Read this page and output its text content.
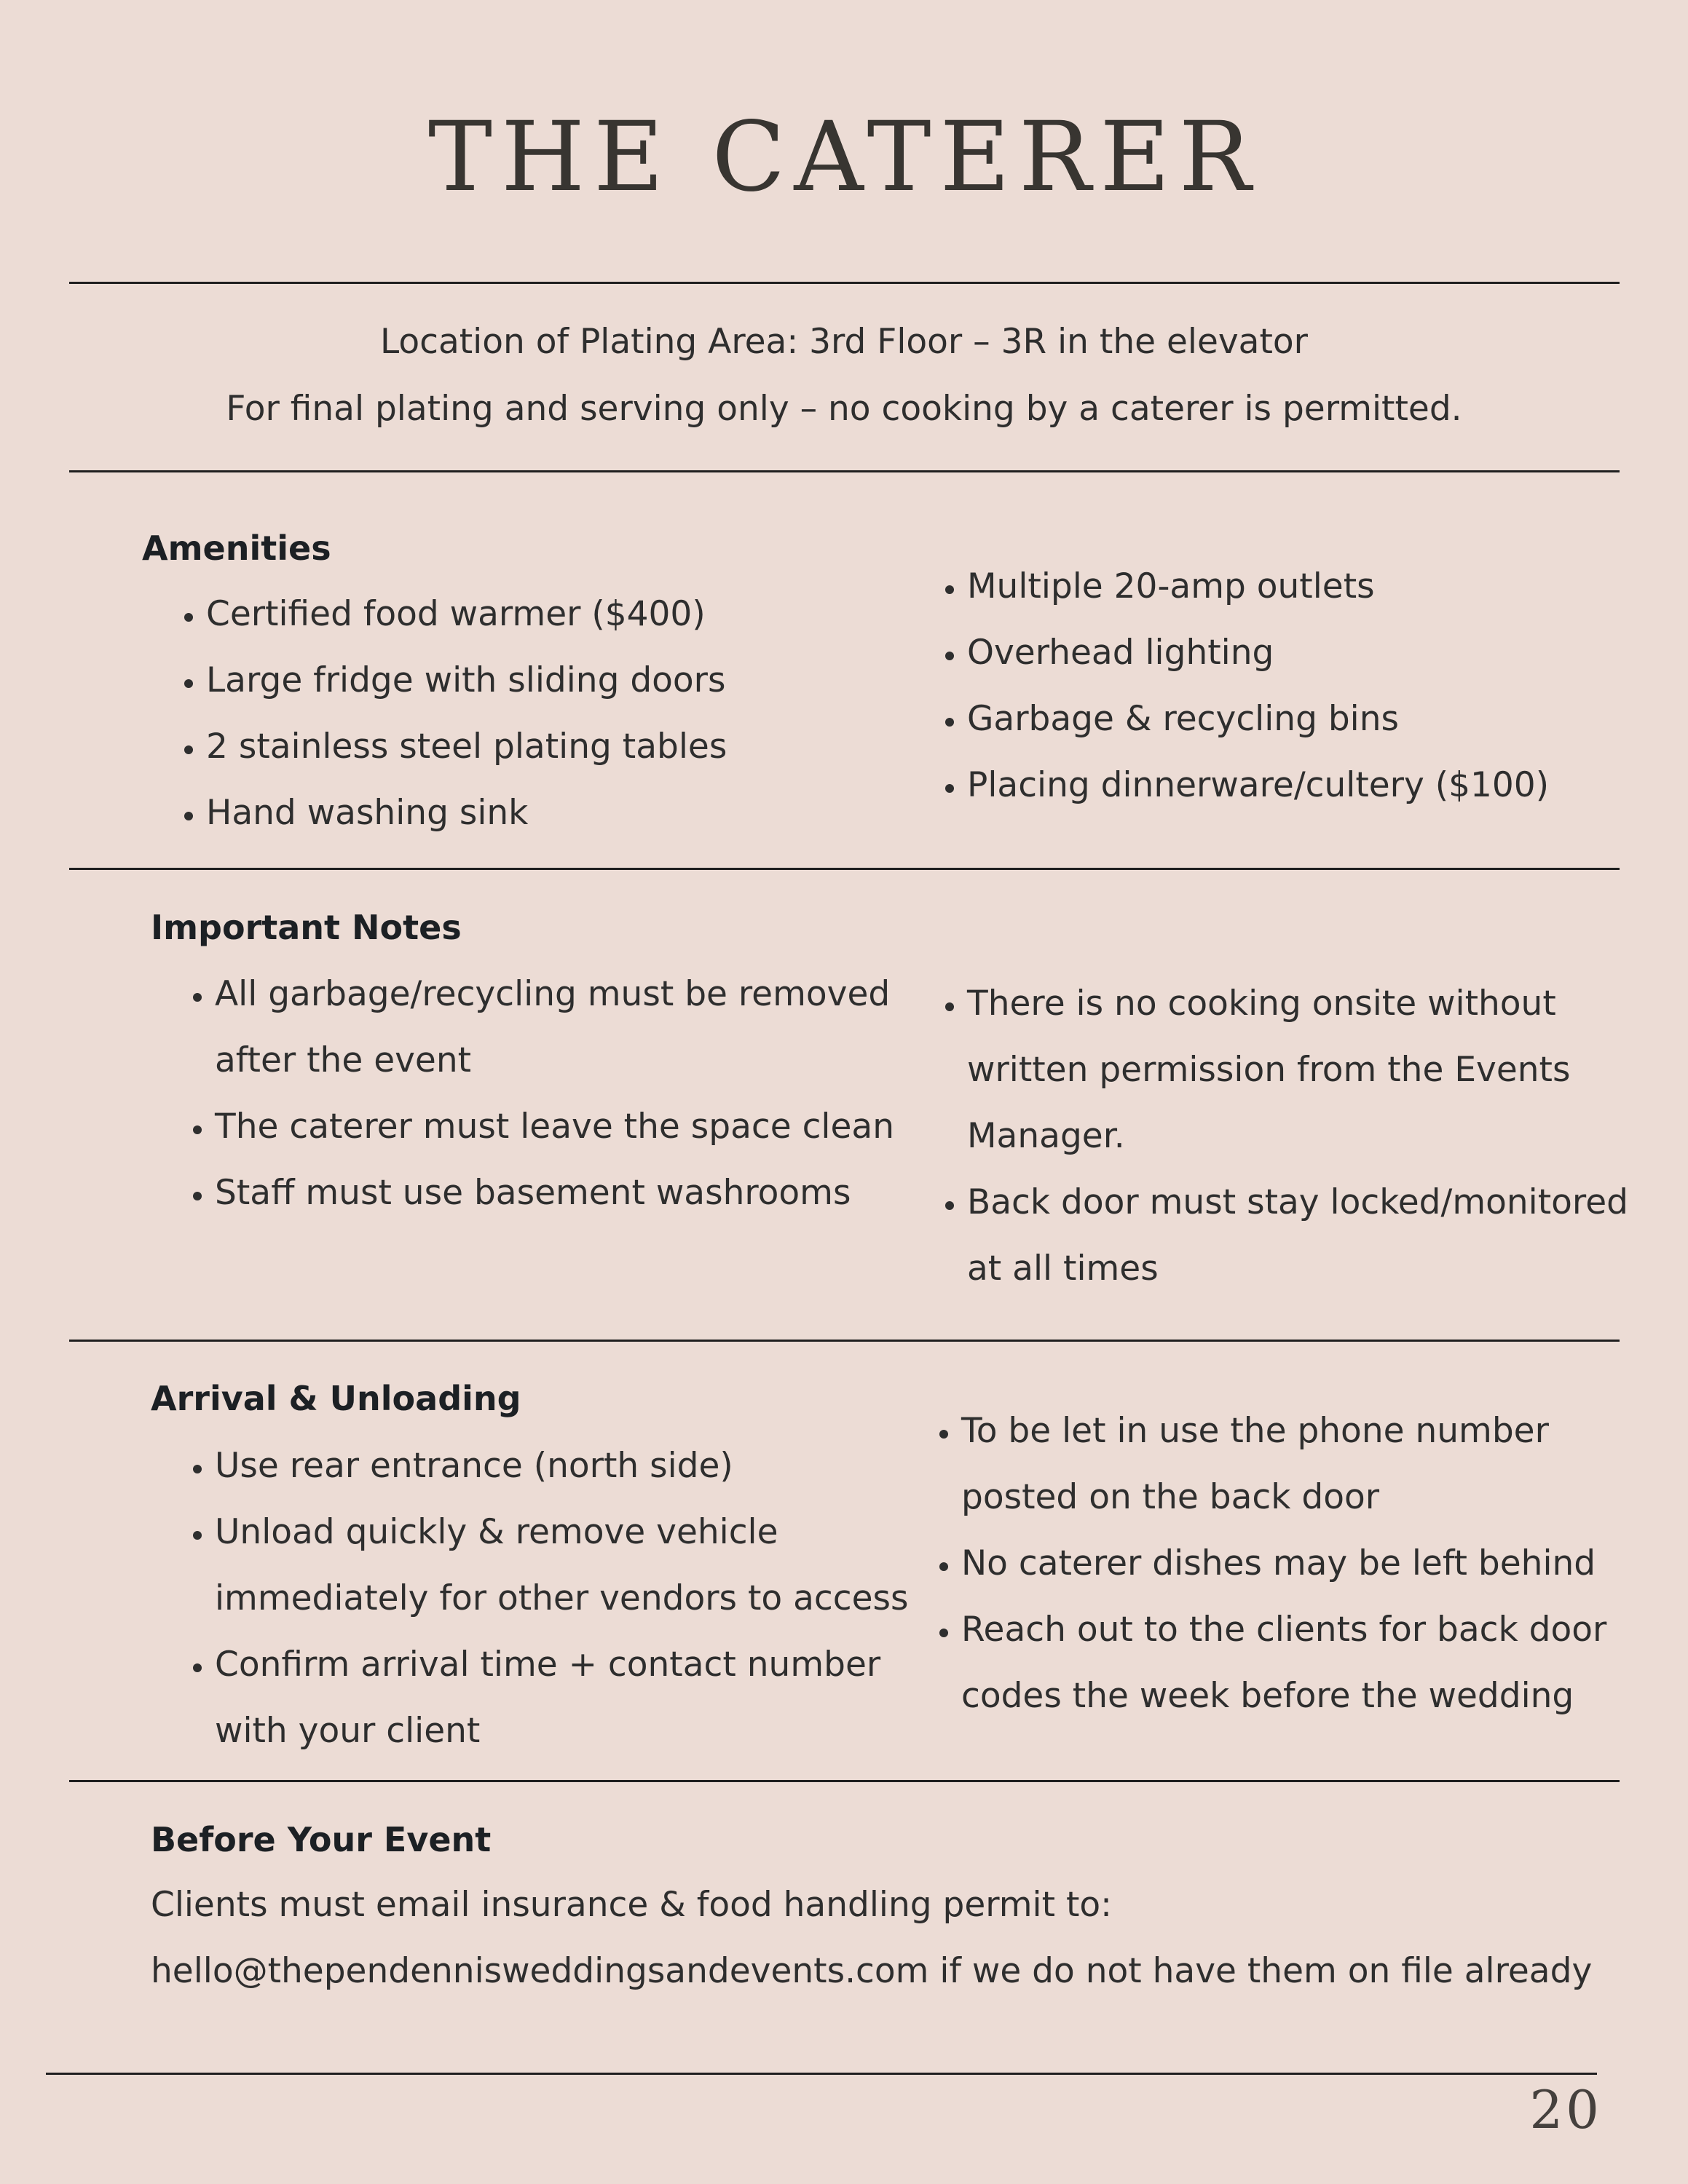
THE CATERER
Location of Plating Area: 3rd Floor – 3R in the elevator
For final plating and serving only – no cooking by a caterer is permitted.
Amenities
• Certified food warmer ($400)
• Large fridge with sliding doors
• 2 stainless steel plating tables
• Hand washing sink
• Multiple 20-amp outlets
• Overhead lighting
• Garbage & recycling bins
• Placing dinnerware/cultery ($100)
Important Notes
• All garbage/recycling must be removed after the event
• The caterer must leave the space clean
• Staff must use basement washrooms
• There is no cooking onsite without written permission from the Events Manager.
• Back door must stay locked/monitored at all times
Arrival & Unloading
• Use rear entrance (north side)
• Unload quickly & remove vehicle immediately for other vendors to access
• Confirm arrival time + contact number with your client
• To be let in use the phone number posted on the back door
• No caterer dishes may be left behind
• Reach out to the clients for back door codes the week before the wedding
Before Your Event
Clients must email insurance & food handling permit to:
hello@thependennisweddingsandevents.com if we do not have them on file already
20
